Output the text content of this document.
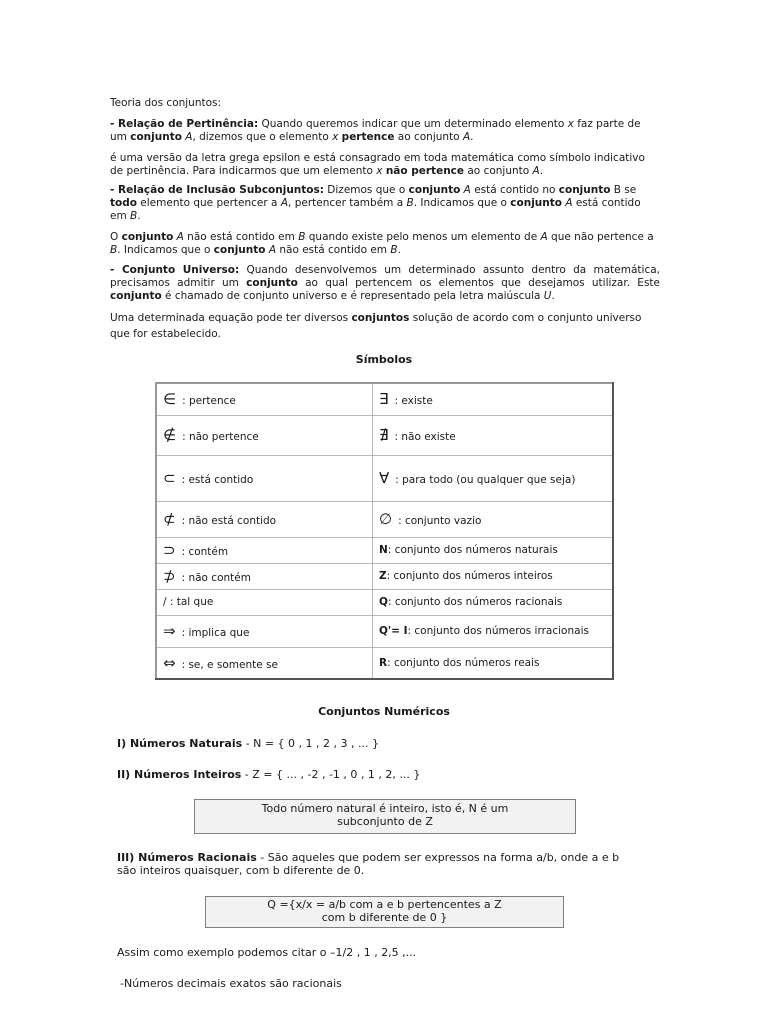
Teoria dos conjuntos:

- Relação de Pertinência: Quando queremos indicar que um determinado elemento x faz parte de um conjunto A, dizemos que o elemento x pertence ao conjunto A.

é uma versão da letra grega epsilon e está consagrado em toda matemática como símbolo indicativo de pertinência. Para indicarmos que um elemento x não pertence ao conjunto A.

- Relação de Inclusão Subconjuntos: Dizemos que o conjunto A está contido no conjunto B se todo elemento que pertencer a A, pertencer também a B. Indicamos que o conjunto A está contido em B.

O conjunto A não está contido em B quando existe pelo menos um elemento de A que não pertence a B. Indicamos que o conjunto A não está contido em B.

- Conjunto Universo: Quando desenvolvemos um determinado assunto dentro da matemática, precisamos admitir um conjunto ao qual pertencem os elementos que desejamos utilizar. Este conjunto é chamado de conjunto universo e é representado pela letra maiúscula U.

Uma determinada equação pode ter diversos conjuntos solução de acordo com o conjunto universo que for estabelecido.

Símbolos
∈ : pertence	∃ : existe
∉ : não pertence	∄ : não existe
⊂ : está contido	∀ : para todo (ou qualquer que seja)
⊄ : não está contido	∅ : conjunto vazio
⊃ : contém	N: conjunto dos números naturais
⊅ : não contém	Z: conjunto dos números inteiros
/ : tal que	Q: conjunto dos números racionais
⇒ : implica que	Q'= I: conjunto dos números irracionais
⇔ : se, e somente se	R: conjunto dos números reais
Conjuntos Numéricos
I) Números Naturais - N = { 0 , 1 , 2 , 3 , ... }
II) Números Inteiros - Z = { ... , -2 , -1 , 0 , 1 , 2, ... }
Todo número natural é inteiro, isto é, N é um
subconjunto de Z
III) Números Racionais - São aqueles que podem ser expressos na forma a/b, onde a e b são inteiros quaisquer, com b diferente de 0.
Q ={x/x = a/b com a e b pertencentes a Z
com b diferente de 0 }
Assim como exemplo podemos citar o –1/2 , 1 , 2,5 ,...
-Números decimais exatos são racionais
